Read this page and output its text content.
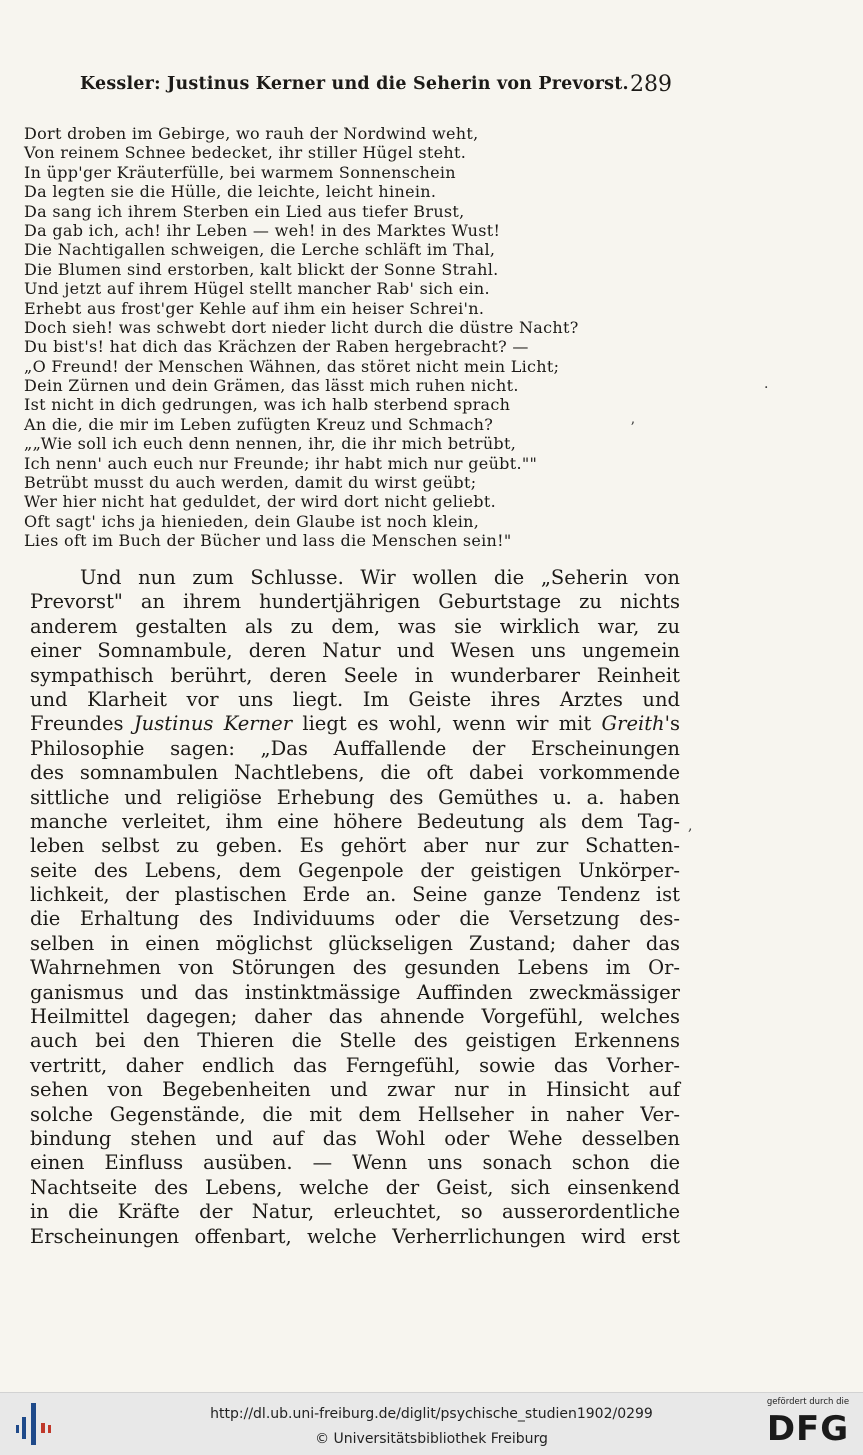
Kessler: Justinus Kerner und die Seherin von Prevorst. 289
Dort droben im Gebirge, wo rauh der Nordwind weht,
Von reinem Schnee bedecket, ihr stiller Hügel steht.
In üpp'ger Kräuterfülle, bei warmem Sonnenschein
Da legten sie die Hülle, die leichte, leicht hinein.
Da sang ich ihrem Sterben ein Lied aus tiefer Brust,
Da gab ich, ach! ihr Leben — weh! in des Marktes Wust!
Die Nachtigallen schweigen, die Lerche schläft im Thal,
Die Blumen sind erstorben, kalt blickt der Sonne Strahl.
Und jetzt auf ihrem Hügel stellt mancher Rab' sich ein.
Erhebt aus frost'ger Kehle auf ihm ein heiser Schrei'n.
Doch sieh! was schwebt dort nieder licht durch die düstre Nacht?
Du bist's! hat dich das Krächzen der Raben hergebracht? —
„O Freund! der Menschen Wähnen, das störet nicht mein Licht;
Dein Zürnen und dein Grämen, das lässt mich ruhen nicht.
Ist nicht in dich gedrungen, was ich halb sterbend sprach
An die, die mir im Leben zufügten Kreuz und Schmach?
„„Wie soll ich euch denn nennen, ihr, die ihr mich betrübt,
Ich nenn' auch euch nur Freunde; ihr habt mich nur geübt.""
Betrübt musst du auch werden, damit du wirst geübt;
Wer hier nicht hat geduldet, der wird dort nicht geliebt.
Oft sagt' ichs ja hienieden, dein Glaube ist noch klein,
Lies oft im Buch der Bücher und lass die Menschen sein!"
Und nun zum Schlusse. Wir wollen die „Seherin von
Prevorst" an ihrem hundertjährigen Geburtstage zu nichts
anderem gestalten als zu dem, was sie wirklich war, zu
einer Somnambule, deren Natur und Wesen uns ungemein
sympathisch berührt, deren Seele in wunderbarer Reinheit
und Klarheit vor uns liegt. Im Geiste ihres Arztes und
Freundes Justinus Kerner liegt es wohl, wenn wir mit Greith's
Philosophie sagen: „Das Auffallende der Erscheinungen
des somnambulen Nachtlebens, die oft dabei vorkommende
sittliche und religiöse Erhebung des Gemüthes u. a. haben
manche verleitet, ihm eine höhere Bedeutung als dem Tag-
leben selbst zu geben. Es gehört aber nur zur Schatten-
seite des Lebens, dem Gegenpole der geistigen Unkörper-
lichkeit, der plastischen Erde an. Seine ganze Tendenz ist
die Erhaltung des Individuums oder die Versetzung des-
selben in einen möglichst glückseligen Zustand; daher das
Wahrnehmen von Störungen des gesunden Lebens im Or-
ganismus und das instinktmässige Auffinden zweckmässiger
Heilmittel dagegen; daher das ahnende Vorgefühl, welches
auch bei den Thieren die Stelle des geistigen Erkennens
vertritt, daher endlich das Ferngefühl, sowie das Vorher-
sehen von Begebenheiten und zwar nur in Hinsicht auf
solche Gegenstände, die mit dem Hellseher in naher Ver-
bindung stehen und auf das Wohl oder Wehe desselben
einen Einfluss ausüben. — Wenn uns sonach schon die
Nachtseite des Lebens, welche der Geist, sich einsenkend
in die Kräfte der Natur, erleuchtet, so ausserordentliche
Erscheinungen offenbart, welche Verherrlichungen wird erst
ʼ
·
,
http://dl.ub.uni-freiburg.de/diglit/psychische_studien1902/0299
© Universitätsbibliothek Freiburg
gefördert durch die
DFG
